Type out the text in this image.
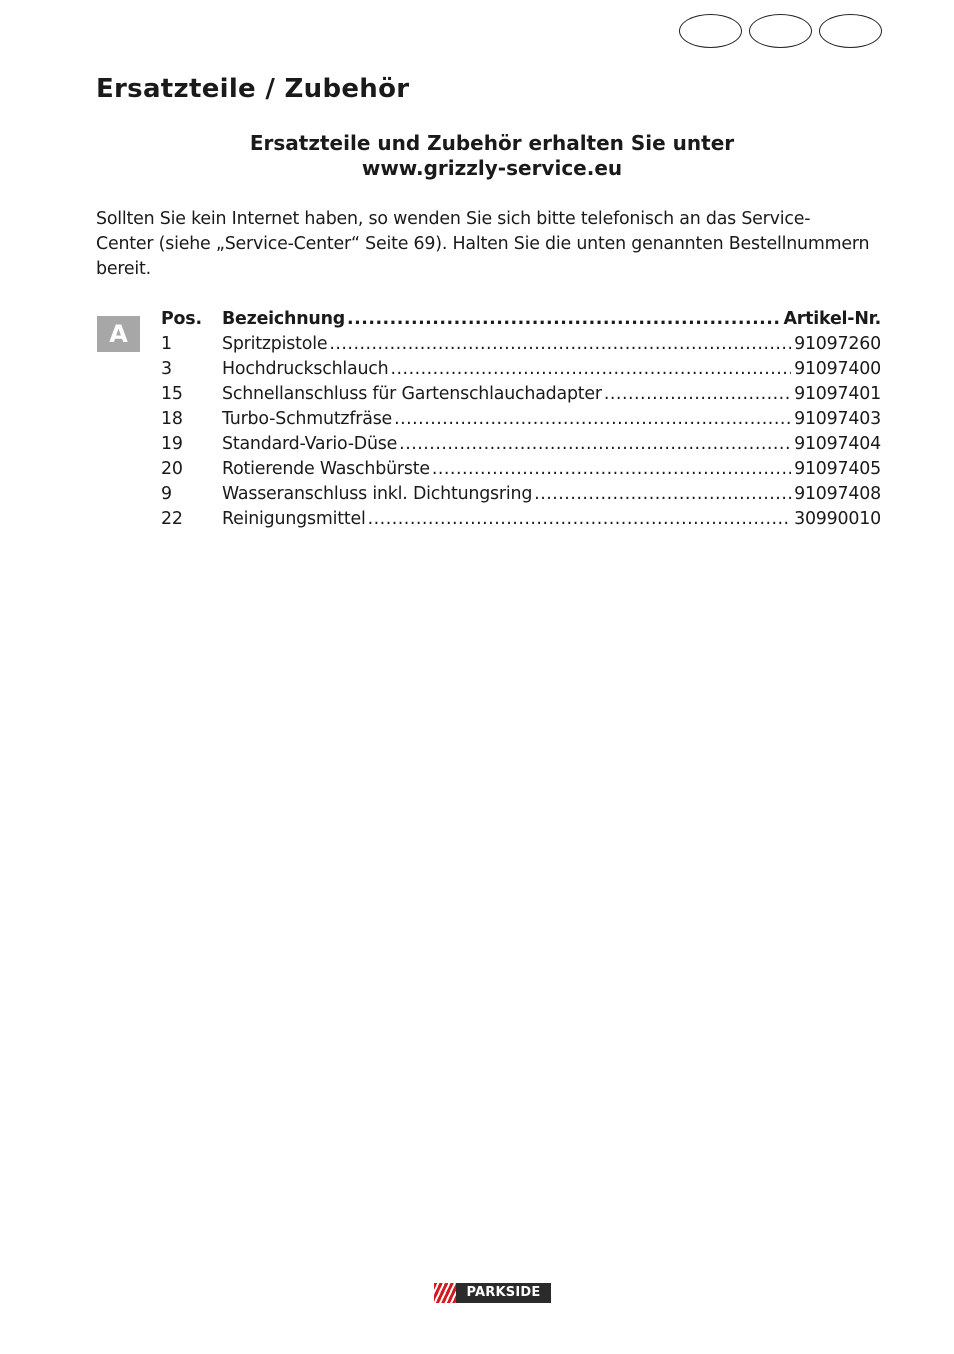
Ersatzteile / Zubehör
Ersatzteile und Zubehör erhalten Sie unter
www.grizzly-service.eu
Sollten Sie kein Internet haben, so wenden Sie sich bitte telefonisch an das Service-
Center (siehe „Service-Center“ Seite 69). Halten Sie die unten genannten Bestellnummern
bereit.
A
Pos.	Bezeichnung .....	Artikel-Nr.
1	Spritzpistole .....	91097260
3	Hochdruckschlauch .....	91097400
15	Schnellanschluss für Gartenschlauchadapter .....	91097401
18	Turbo-Schmutzfräse .....	91097403
19	Standard-Vario-Düse .....	91097404
20	Rotierende Waschbürste .....	91097405
9	Wasseranschluss inkl. Dichtungsring .....	91097408
22	Reinigungsmittel .....	30990010
PARKSIDE
